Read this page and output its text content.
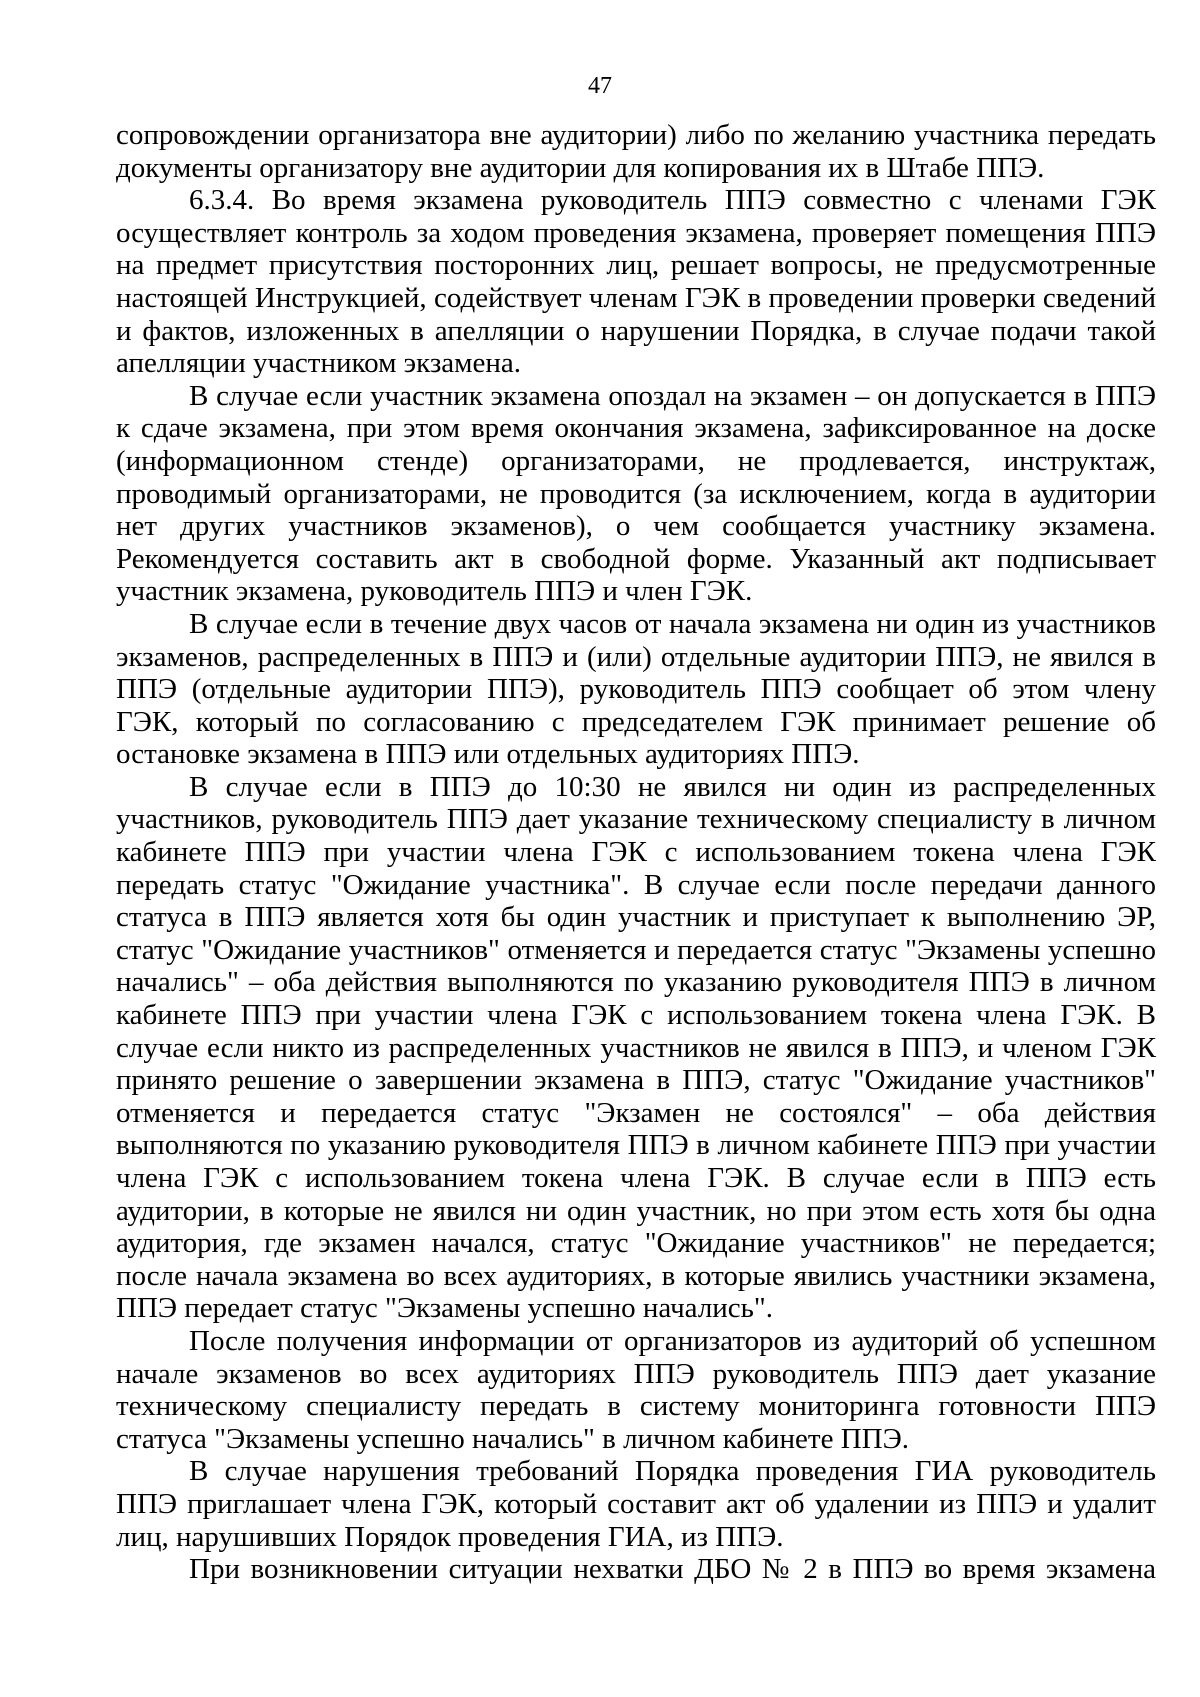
47

сопровождении организатора вне аудитории) либо по желанию участника передать документы организатору вне аудитории для копирования их в Штабе ППЭ.

6.3.4. Во время экзамена руководитель ППЭ совместно с членами ГЭК осуществляет контроль за ходом проведения экзамена, проверяет помещения ППЭ на предмет присутствия посторонних лиц, решает вопросы, не предусмотренные настоящей Инструкцией, содействует членам ГЭК в проведении проверки сведений и фактов, изложенных в апелляции о нарушении Порядка, в случае подачи такой апелляции участником экзамена.

В случае если участник экзамена опоздал на экзамен – он допускается в ППЭ к сдаче экзамена, при этом время окончания экзамена, зафиксированное на доске (информационном стенде) организаторами, не продлевается, инструктаж, проводимый организаторами, не проводится (за исключением, когда в аудитории нет других участников экзаменов), о чем сообщается участнику экзамена. Рекомендуется составить акт в свободной форме. Указанный акт подписывает участник экзамена, руководитель ППЭ и член ГЭК.

В случае если в течение двух часов от начала экзамена ни один из участников экзаменов, распределенных в ППЭ и (или) отдельные аудитории ППЭ, не явился в ППЭ (отдельные аудитории ППЭ), руководитель ППЭ сообщает об этом члену ГЭК, который по согласованию с председателем ГЭК принимает решение об остановке экзамена в ППЭ или отдельных аудиториях ППЭ.

В случае если в ППЭ до 10:30 не явился ни один из распределенных участников, руководитель ППЭ дает указание техническому специалисту в личном кабинете ППЭ при участии члена ГЭК с использованием токена члена ГЭК передать статус "Ожидание участника". В случае если после передачи данного статуса в ППЭ является хотя бы один участник и приступает к выполнению ЭР, статус "Ожидание участников" отменяется и передается статус "Экзамены успешно начались" – оба действия выполняются по указанию руководителя ППЭ в личном кабинете ППЭ при участии члена ГЭК с использованием токена члена ГЭК. В случае если никто из распределенных участников не явился в ППЭ, и членом ГЭК принято решение о завершении экзамена в ППЭ, статус "Ожидание участников" отменяется и передается статус "Экзамен не состоялся" – оба действия выполняются по указанию руководителя ППЭ в личном кабинете ППЭ при участии члена ГЭК с использованием токена члена ГЭК. В случае если в ППЭ есть аудитории, в которые не явился ни один участник, но при этом есть хотя бы одна аудитория, где экзамен начался, статус "Ожидание участников" не передается; после начала экзамена во всех аудиториях, в которые явились участники экзамена, ППЭ передает статус "Экзамены успешно начались".

После получения информации от организаторов из аудиторий об успешном начале экзаменов во всех аудиториях ППЭ руководитель ППЭ дает указание техническому специалисту передать в систему мониторинга готовности ППЭ статуса "Экзамены успешно начались" в личном кабинете ППЭ.

В случае нарушения требований Порядка проведения ГИА руководитель ППЭ приглашает члена ГЭК, который составит акт об удалении из ППЭ и удалит лиц, нарушивших Порядок проведения ГИА, из ППЭ.

При возникновении ситуации нехватки ДБО № 2 в ППЭ во время экзамена
